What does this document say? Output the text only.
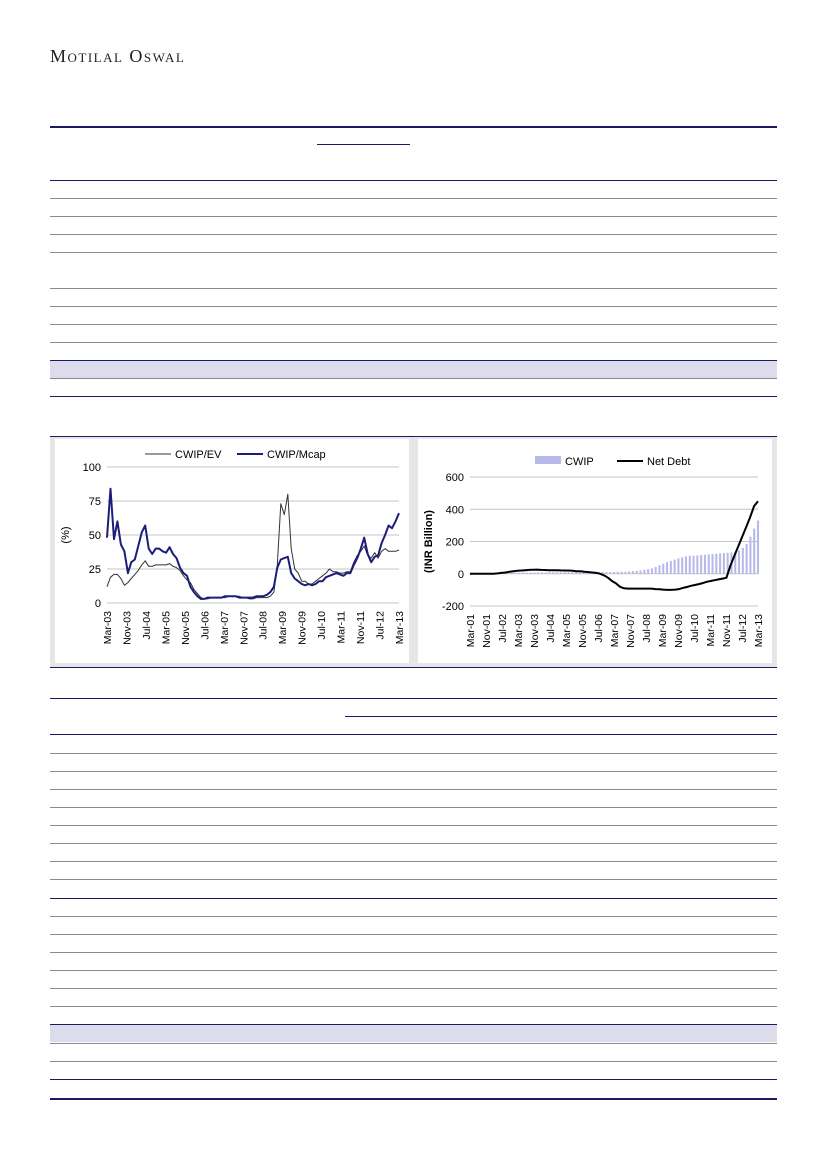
Motilal Oswal
0
25
50
75
100
(%)
Mar-03 Nov-03 Jul-04 Mar-05 Nov-05 Jul-06 Mar-07 Nov-07 Jul-08 Mar-09 Nov-09 Jul-10 Mar-11 Nov-11 Jul-12 Mar-13
CWIP/EV	CWIP/Mcap
-200
0
200
400
600
(INR Billion)
Mar-01 Nov-01 Jul-02 Mar-03 Nov-03 Jul-04 Mar-05 Nov-05 Jul-06 Mar-07 Nov-07 Jul-08 Mar-09 Nov-09 Jul-10 Mar-11 Nov-11 Jul-12 Mar-13
CWIP	Net Debt
